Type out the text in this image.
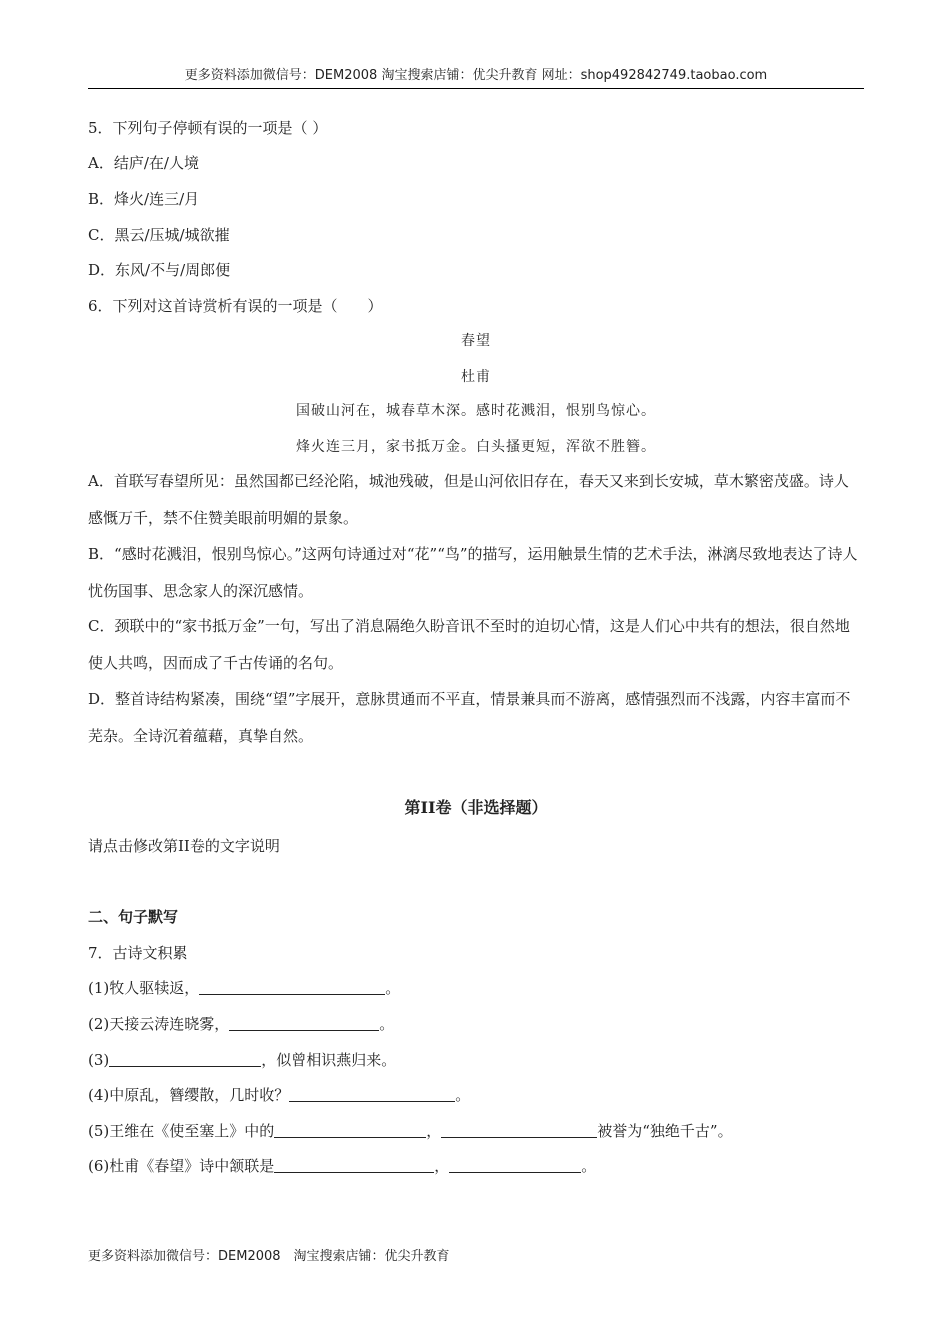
更多资料添加微信号：DEM2008 淘宝搜索店铺：优尖升教育 网址：shop492842749.taobao.com
5．下列句子停顿有误的一项是（ ）
A．结庐/在/人境
B．烽火/连三/月
C．黑云/压城/城欲摧
D．东风/不与/周郎便
6．下列对这首诗赏析有误的一项是（　　）
春望
杜甫
国破山河在，城春草木深。感时花溅泪，恨别鸟惊心。
烽火连三月，家书抵万金。白头搔更短，浑欲不胜簪。
A．首联写春望所见：虽然国都已经沦陷，城池残破，但是山河依旧存在，春天又来到长安城，草木繁密茂盛。诗人感慨万千，禁不住赞美眼前明媚的景象。
B．“感时花溅泪，恨别鸟惊心。”这两句诗通过对“花”“鸟”的描写，运用触景生情的艺术手法，淋漓尽致地表达了诗人忧伤国事、思念家人的深沉感情。
C．颈联中的“家书抵万金”一句，写出了消息隔绝久盼音讯不至时的迫切心情，这是人们心中共有的想法，很自然地使人共鸣，因而成了千古传诵的名句。
D．整首诗结构紧凑，围绕“望”字展开，意脉贯通而不平直，情景兼具而不游离，感情强烈而不浅露，内容丰富而不芜杂。全诗沉着蕴藉，真挚自然。
第II卷（非选择题）
请点击修改第II卷的文字说明
二、句子默写
7．古诗文积累
(1)牧人驱犊返，	。
(2)天接云涛连晓雾，	。
(3)	，似曾相识燕归来。
(4)中原乱，簪缨散，几时收？	。
(5)王维在《使至塞上》中的	，	被誉为“独绝千古”。
(6)杜甫《春望》诗中颔联是	，	。
更多资料添加微信号：DEM2008　淘宝搜索店铺：优尖升教育
